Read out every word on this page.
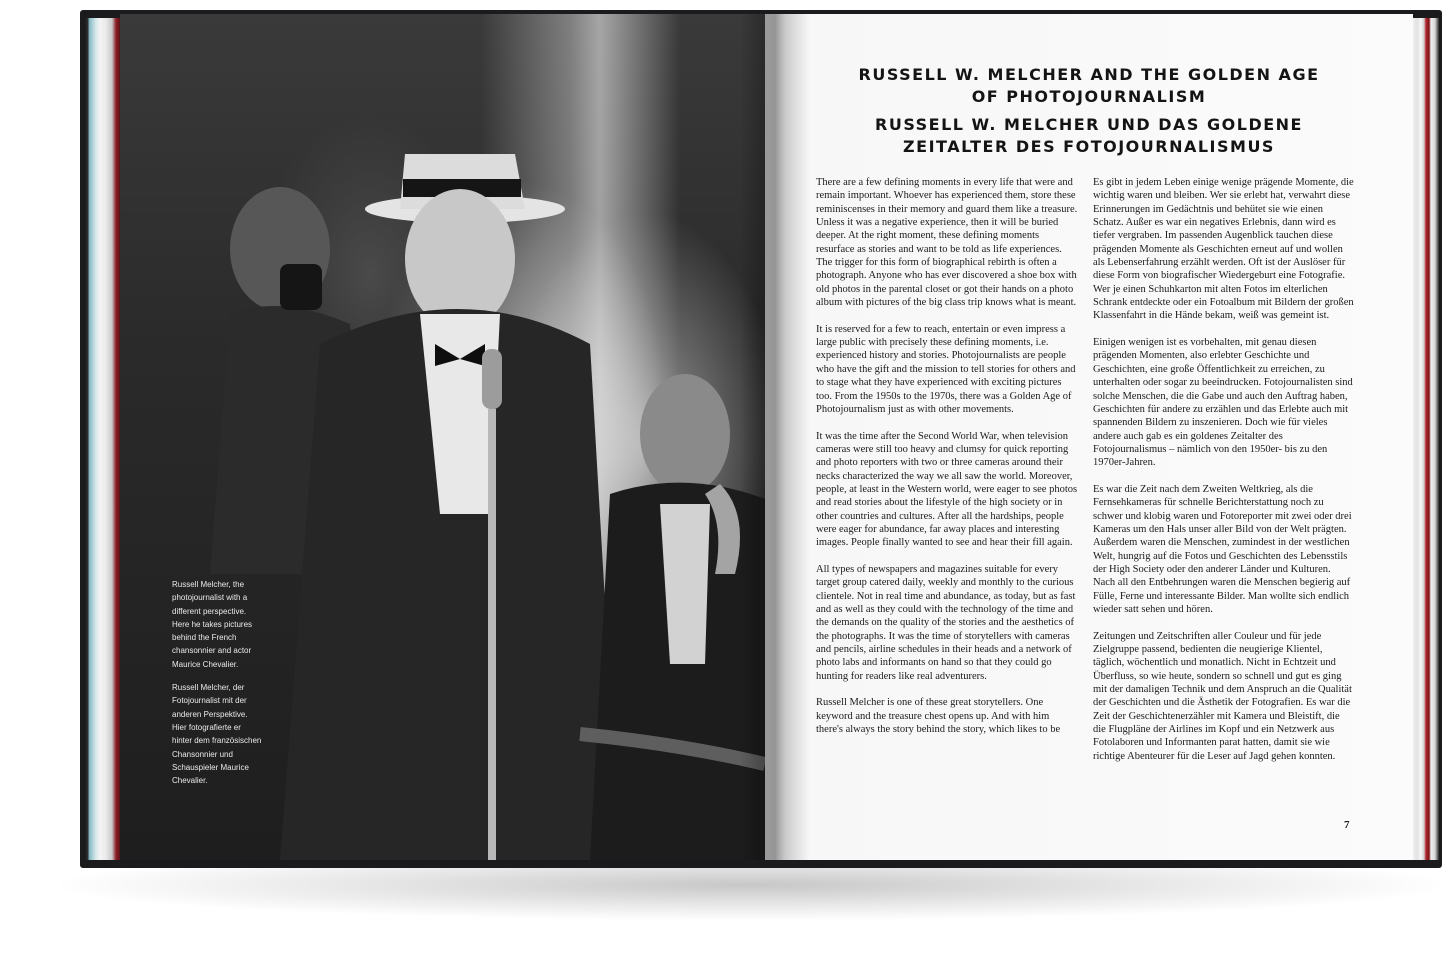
Russell Melcher, the photojournalist with a different perspective. Here he takes pictures behind the French chansonnier and actor Maurice Chevalier.

Russell Melcher, der Fotojournalist mit der anderen Perspektive. Hier fotografierte er hinter dem französischen Chansonnier und Schauspieler Maurice Chevalier.

RUSSELL W. MELCHER AND THE GOLDEN AGE OF PHOTOJOURNALISM
RUSSELL W. MELCHER UND DAS GOLDENE ZEITALTER DES FOTOJOURNALISMUS

There are a few defining moments in every life that were and remain important. Whoever has experienced them, store these reminiscenses in their memory and guard them like a treasure. Unless it was a negative experience, then it will be buried deeper. At the right moment, these defining moments resurface as stories and want to be told as life experiences. The trigger for this form of biographical rebirth is often a photograph. Anyone who has ever discovered a shoe box with old photos in the parental closet or got their hands on a photo album with pictures of the big class trip knows what is meant.

It is reserved for a few to reach, entertain or even impress a large public with precisely these defining moments, i.e. experienced history and stories. Photojournalists are people who have the gift and the mission to tell stories for others and to stage what they have experienced with exciting pictures too. From the 1950s to the 1970s, there was a Golden Age of Photojournalism just as with other movements.

It was the time after the Second World War, when television cameras were still too heavy and clumsy for quick reporting and photo reporters with two or three cameras around their necks characterized the way we all saw the world. Moreover, people, at least in the Western world, were eager to see photos and read stories about the lifestyle of the high society or in other countries and cultures. After all the hardships, people were eager for abundance, far away places and interesting images. People finally wanted to see and hear their fill again.

All types of newspapers and magazines suitable for every target group catered daily, weekly and monthly to the curious clientele. Not in real time and abundance, as today, but as fast and as well as they could with the technology of the time and the demands on the quality of the stories and the aesthetics of the photographs. It was the time of storytellers with cameras and pencils, airline schedules in their heads and a network of photo labs and informants on hand so that they could go hunting for readers like real adventurers.

Russell Melcher is one of these great storytellers. One keyword and the treasure chest opens up. And with him there's always the story behind the story, which likes to be

Es gibt in jedem Leben einige wenige prägende Momente, die wichtig waren und bleiben. Wer sie erlebt hat, verwahrt diese Erinnerungen im Gedächtnis und behütet sie wie einen Schatz. Außer es war ein negatives Erlebnis, dann wird es tiefer vergraben. Im passenden Augenblick tauchen diese prägenden Momente als Geschichten erneut auf und wollen als Lebenserfahrung erzählt werden. Oft ist der Auslöser für diese Form von biografischer Wiedergeburt eine Fotografie. Wer je einen Schuhkarton mit alten Fotos im elterlichen Schrank entdeckte oder ein Fotoalbum mit Bildern der großen Klassenfahrt in die Hände bekam, weiß was gemeint ist.

Einigen wenigen ist es vorbehalten, mit genau diesen prägenden Momenten, also erlebter Geschichte und Geschichten, eine große Öffentlichkeit zu erreichen, zu unterhalten oder sogar zu beeindrucken. Fotojournalisten sind solche Menschen, die die Gabe und auch den Auftrag haben, Geschichten für andere zu erzählen und das Erlebte auch mit spannenden Bildern zu inszenieren. Doch wie für vieles andere auch gab es ein goldenes Zeitalter des Fotojournalismus – nämlich von den 1950er- bis zu den 1970er-Jahren.

Es war die Zeit nach dem Zweiten Weltkrieg, als die Fernsehkameras für schnelle Berichterstattung noch zu schwer und klobig waren und Fotoreporter mit zwei oder drei Kameras um den Hals unser aller Bild von der Welt prägten. Außerdem waren die Menschen, zumindest in der westlichen Welt, hungrig auf die Fotos und Geschichten des Lebensstils der High Society oder den anderer Länder und Kulturen. Nach all den Entbehrungen waren die Menschen begierig auf Fülle, Ferne und interessante Bilder. Man wollte sich endlich wieder satt sehen und hören.

Zeitungen und Zeitschriften aller Couleur und für jede Zielgruppe passend, bedienten die neugierige Klientel, täglich, wöchentlich und monatlich. Nicht in Echtzeit und Überfluss, so wie heute, sondern so schnell und gut es ging mit der damaligen Technik und dem Anspruch an die Qualität der Geschichten und die Ästhetik der Fotografien. Es war die Zeit der Geschichtenerzähler mit Kamera und Bleistift, die die Flugpläne der Airlines im Kopf und ein Netzwerk aus Fotolaboren und Informanten parat hatten, damit sie wie richtige Abenteurer für die Leser auf Jagd gehen konnten.

7
